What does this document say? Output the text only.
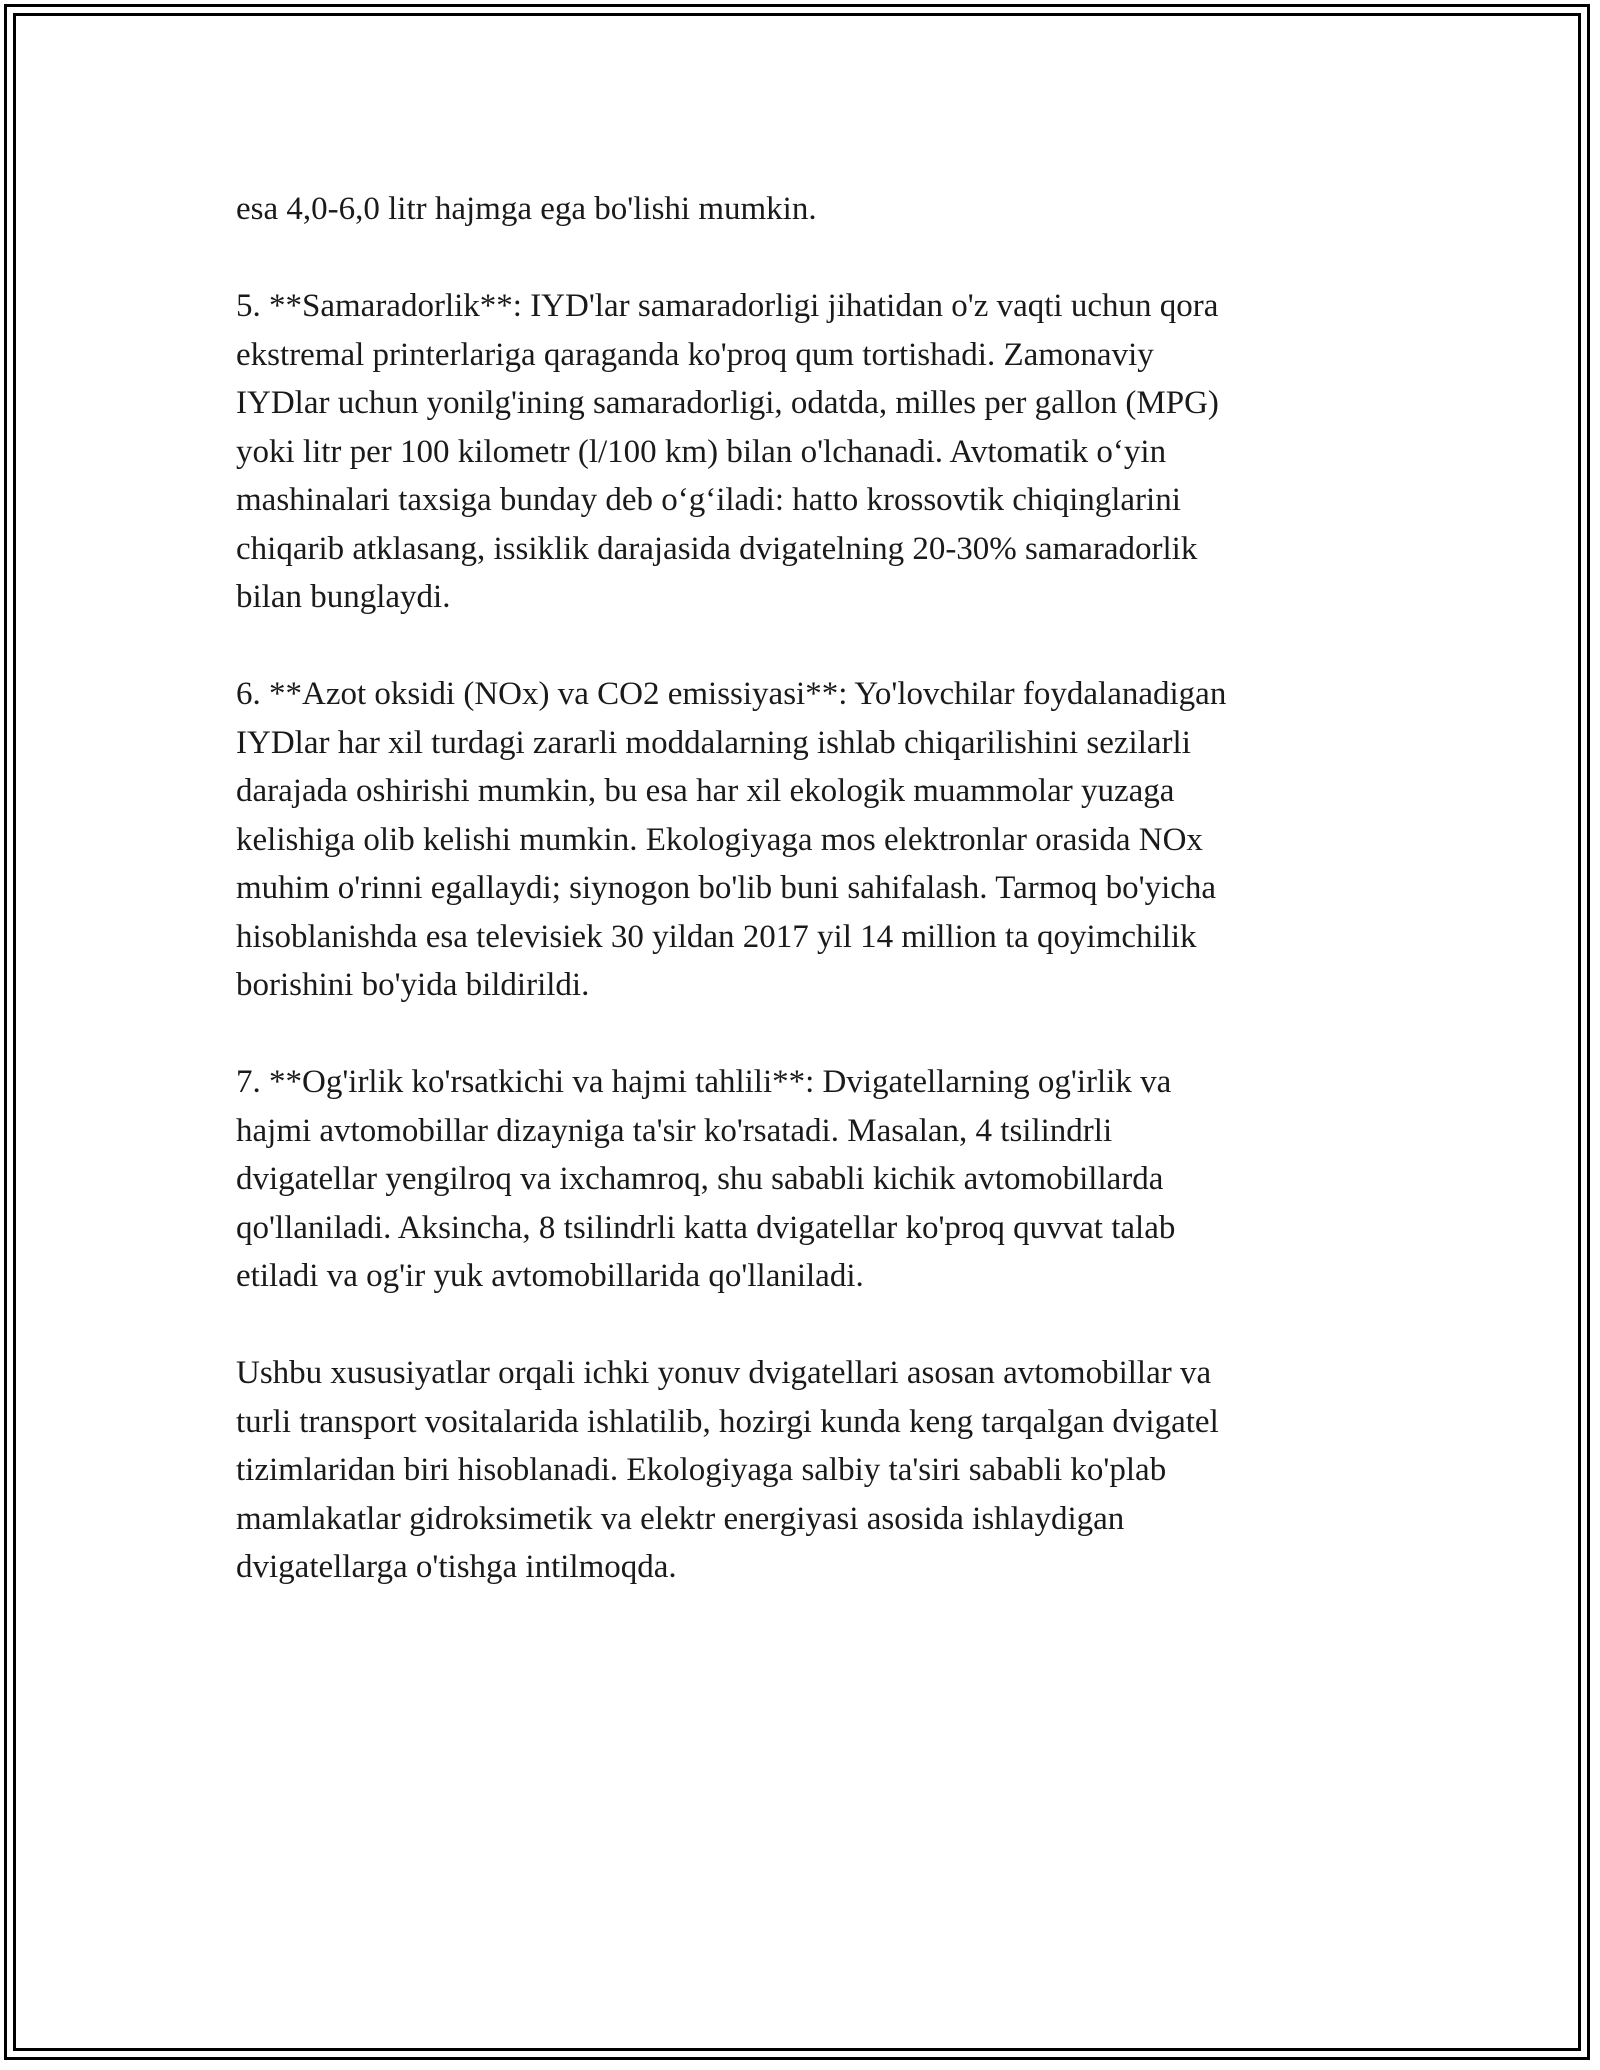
esa 4,0-6,0 litr hajmga ega bo'lishi mumkin.

5. **Samaradorlik**: IYD'lar samaradorligi jihatidan o'z vaqti uchun qora
ekstremal printerlariga qaraganda ko'proq qum tortishadi. Zamonaviy
IYDlar uchun yonilg'ining samaradorligi, odatda, milles per gallon (MPG)
yoki litr per 100 kilometr (l/100 km) bilan o'lchanadi. Avtomatik o‘yin
mashinalari taxsiga bunday deb o‘g‘iladi: hatto krossovtik chiqinglarini
chiqarib atklasang, issiklik darajasida dvigatelning 20-30% samaradorlik
bilan bunglaydi.

6. **Azot oksidi (NOx) va CO2 emissiyasi**: Yo'lovchilar foydalanadigan
IYDlar har xil turdagi zararli moddalarning ishlab chiqarilishini sezilarli
darajada oshirishi mumkin, bu esa har xil ekologik muammolar yuzaga
kelishiga olib kelishi mumkin. Ekologiyaga mos elektronlar orasida NOx
muhim o'rinni egallaydi; siynogon bo'lib buni sahifalash. Tarmoq bo'yicha
hisoblanishda esa televisiek 30 yildan 2017 yil 14 million ta qoyimchilik
borishini bo'yida bildirildi.

7. **Og'irlik ko'rsatkichi va hajmi tahlili**: Dvigatellarning og'irlik va
hajmi avtomobillar dizayniga ta'sir ko'rsatadi. Masalan, 4 tsilindrli
dvigatellar yengilroq va ixchamroq, shu sababli kichik avtomobillarda
qo'llaniladi. Aksincha, 8 tsilindrli katta dvigatellar ko'proq quvvat talab
etiladi va og'ir yuk avtomobillarida qo'llaniladi.

Ushbu xususiyatlar orqali ichki yonuv dvigatellari asosan avtomobillar va
turli transport vositalarida ishlatilib, hozirgi kunda keng tarqalgan dvigatel
tizimlaridan biri hisoblanadi. Ekologiyaga salbiy ta'siri sababli ko'plab
mamlakatlar gidroksimetik va elektr energiyasi asosida ishlaydigan
dvigatellarga o'tishga intilmoqda.
